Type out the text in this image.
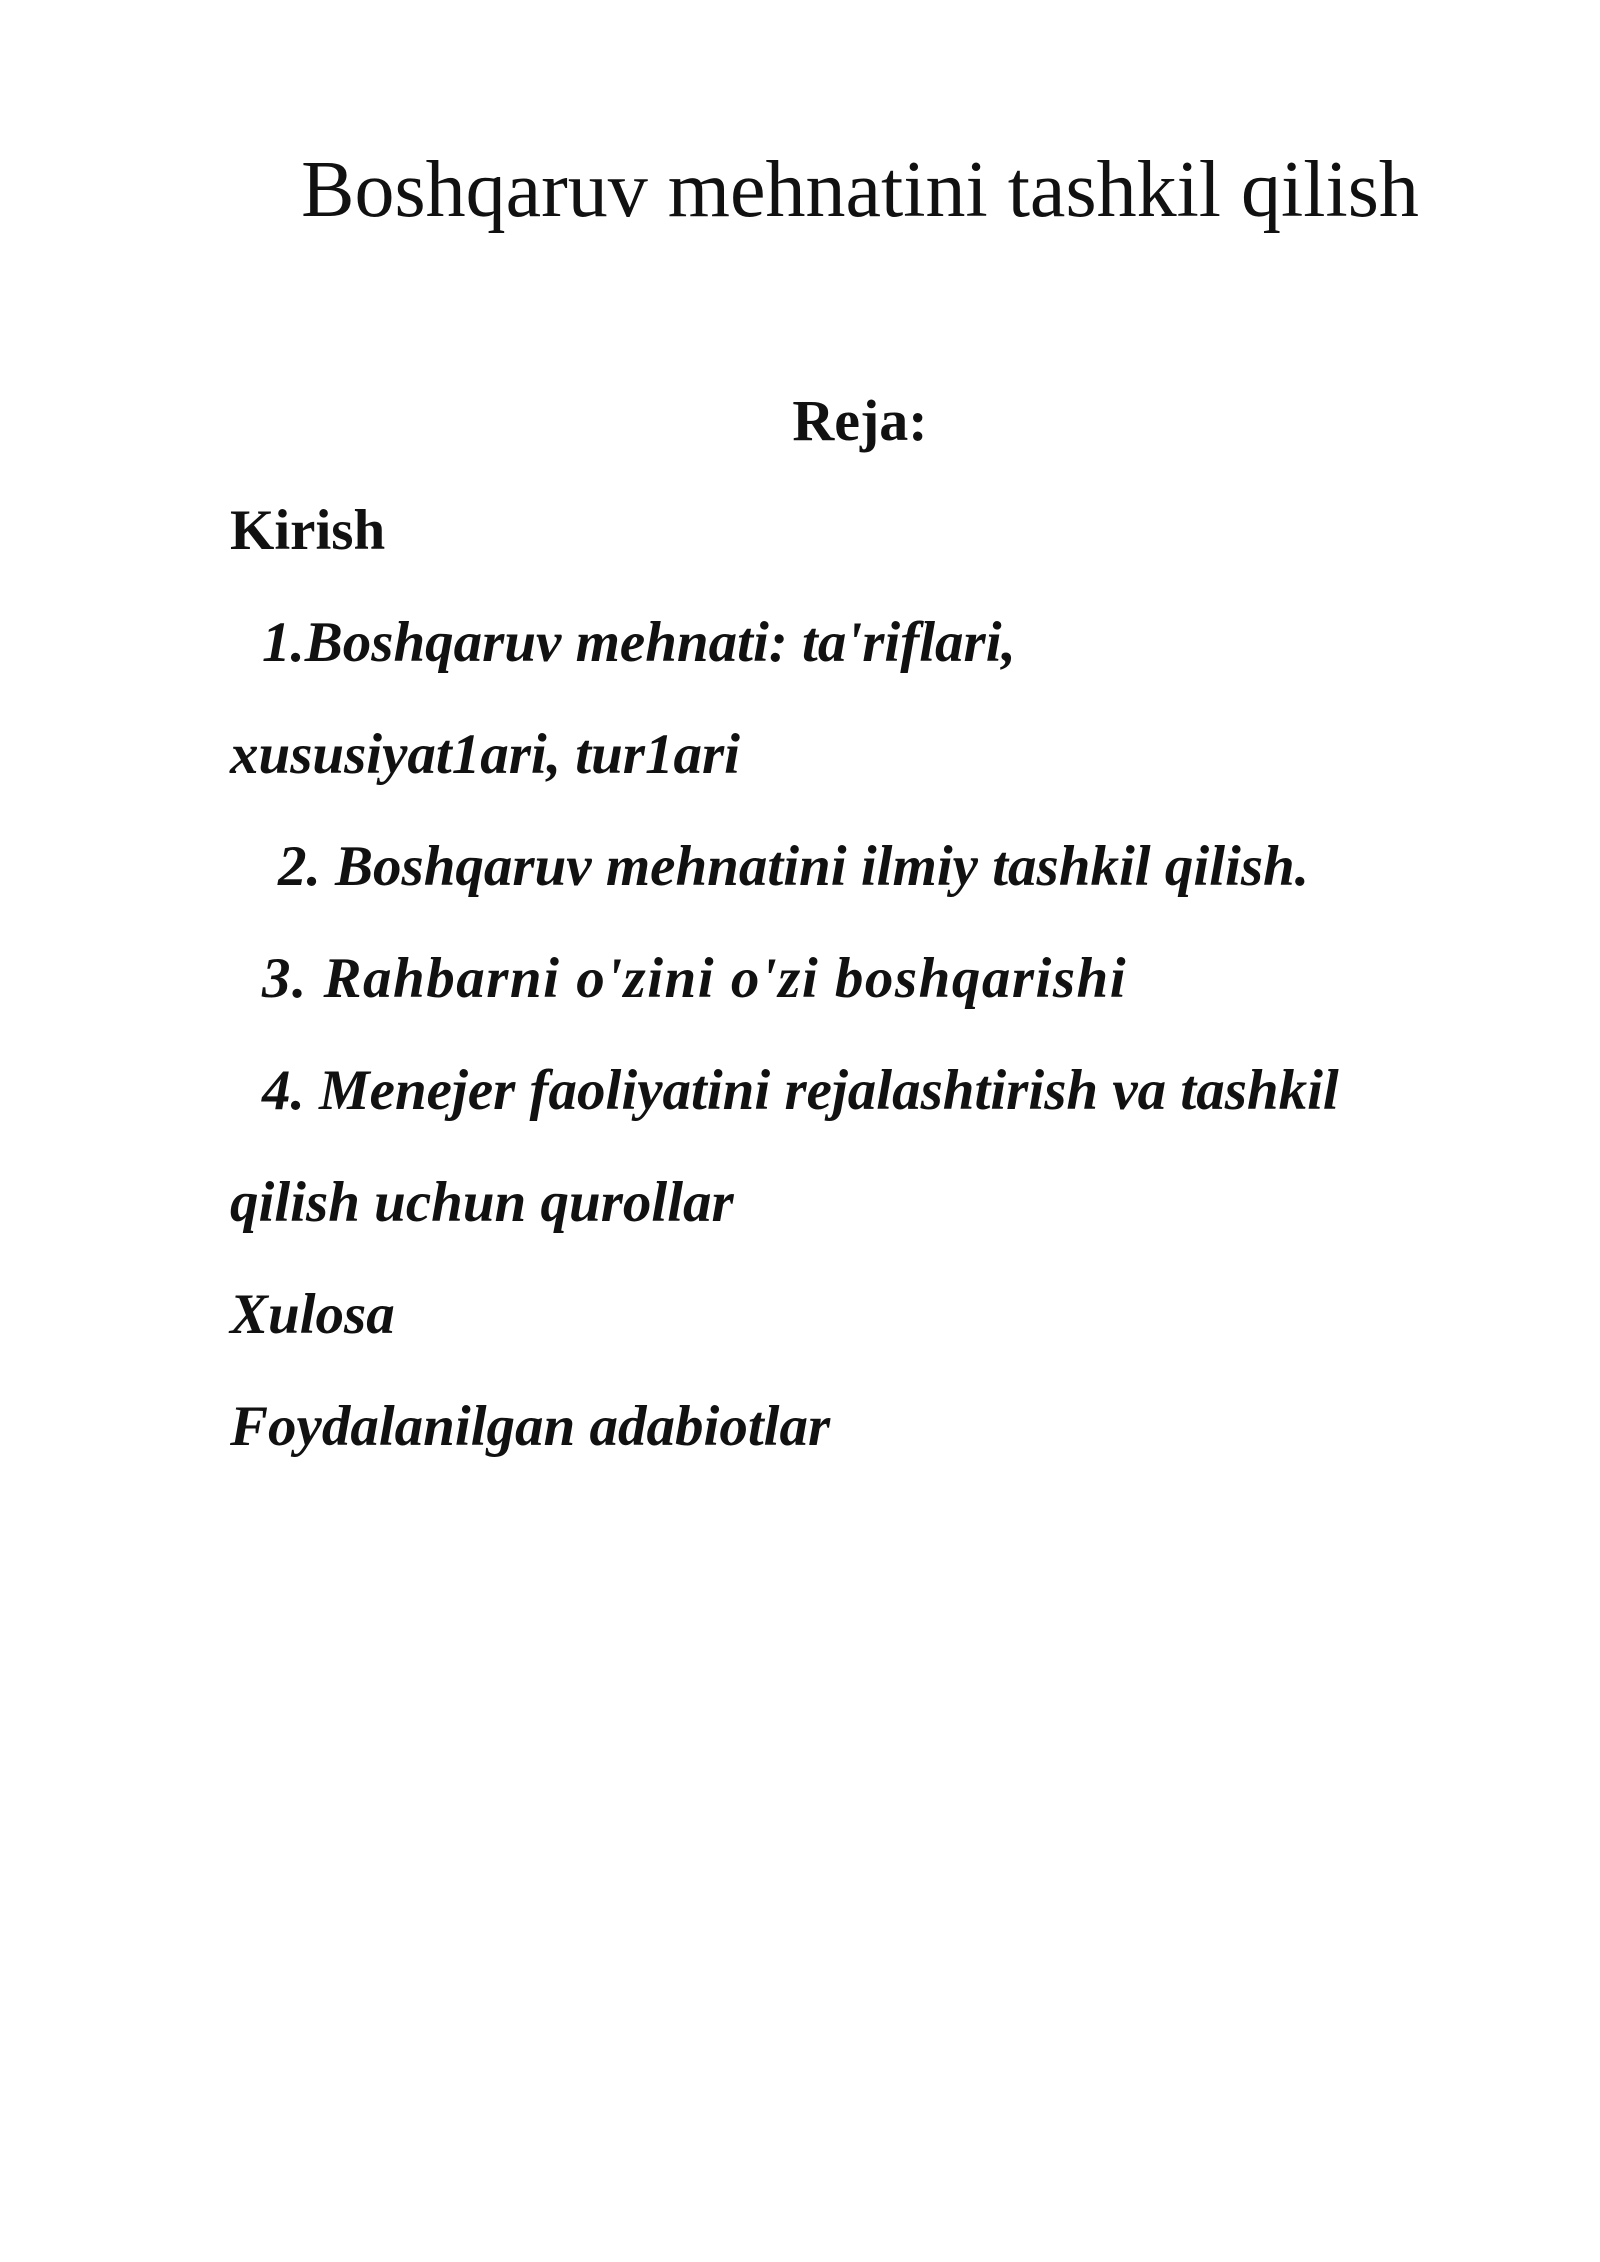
Boshqaruv mehnatini tashkil qilish
Reja:
Kirish
1.Boshqaruv mehnati: ta'riflari,
xususiyat1ari, tur1ari
2. Boshqaruv mehnatini ilmiy tashkil qilish.
3. Rahbarni o'zini o'zi boshqarishi
4. Menejer faoliyatini rejalashtirish va tashkil
qilish uchun qurollar
Xulosa
Foydalanilgan adabiotlar
